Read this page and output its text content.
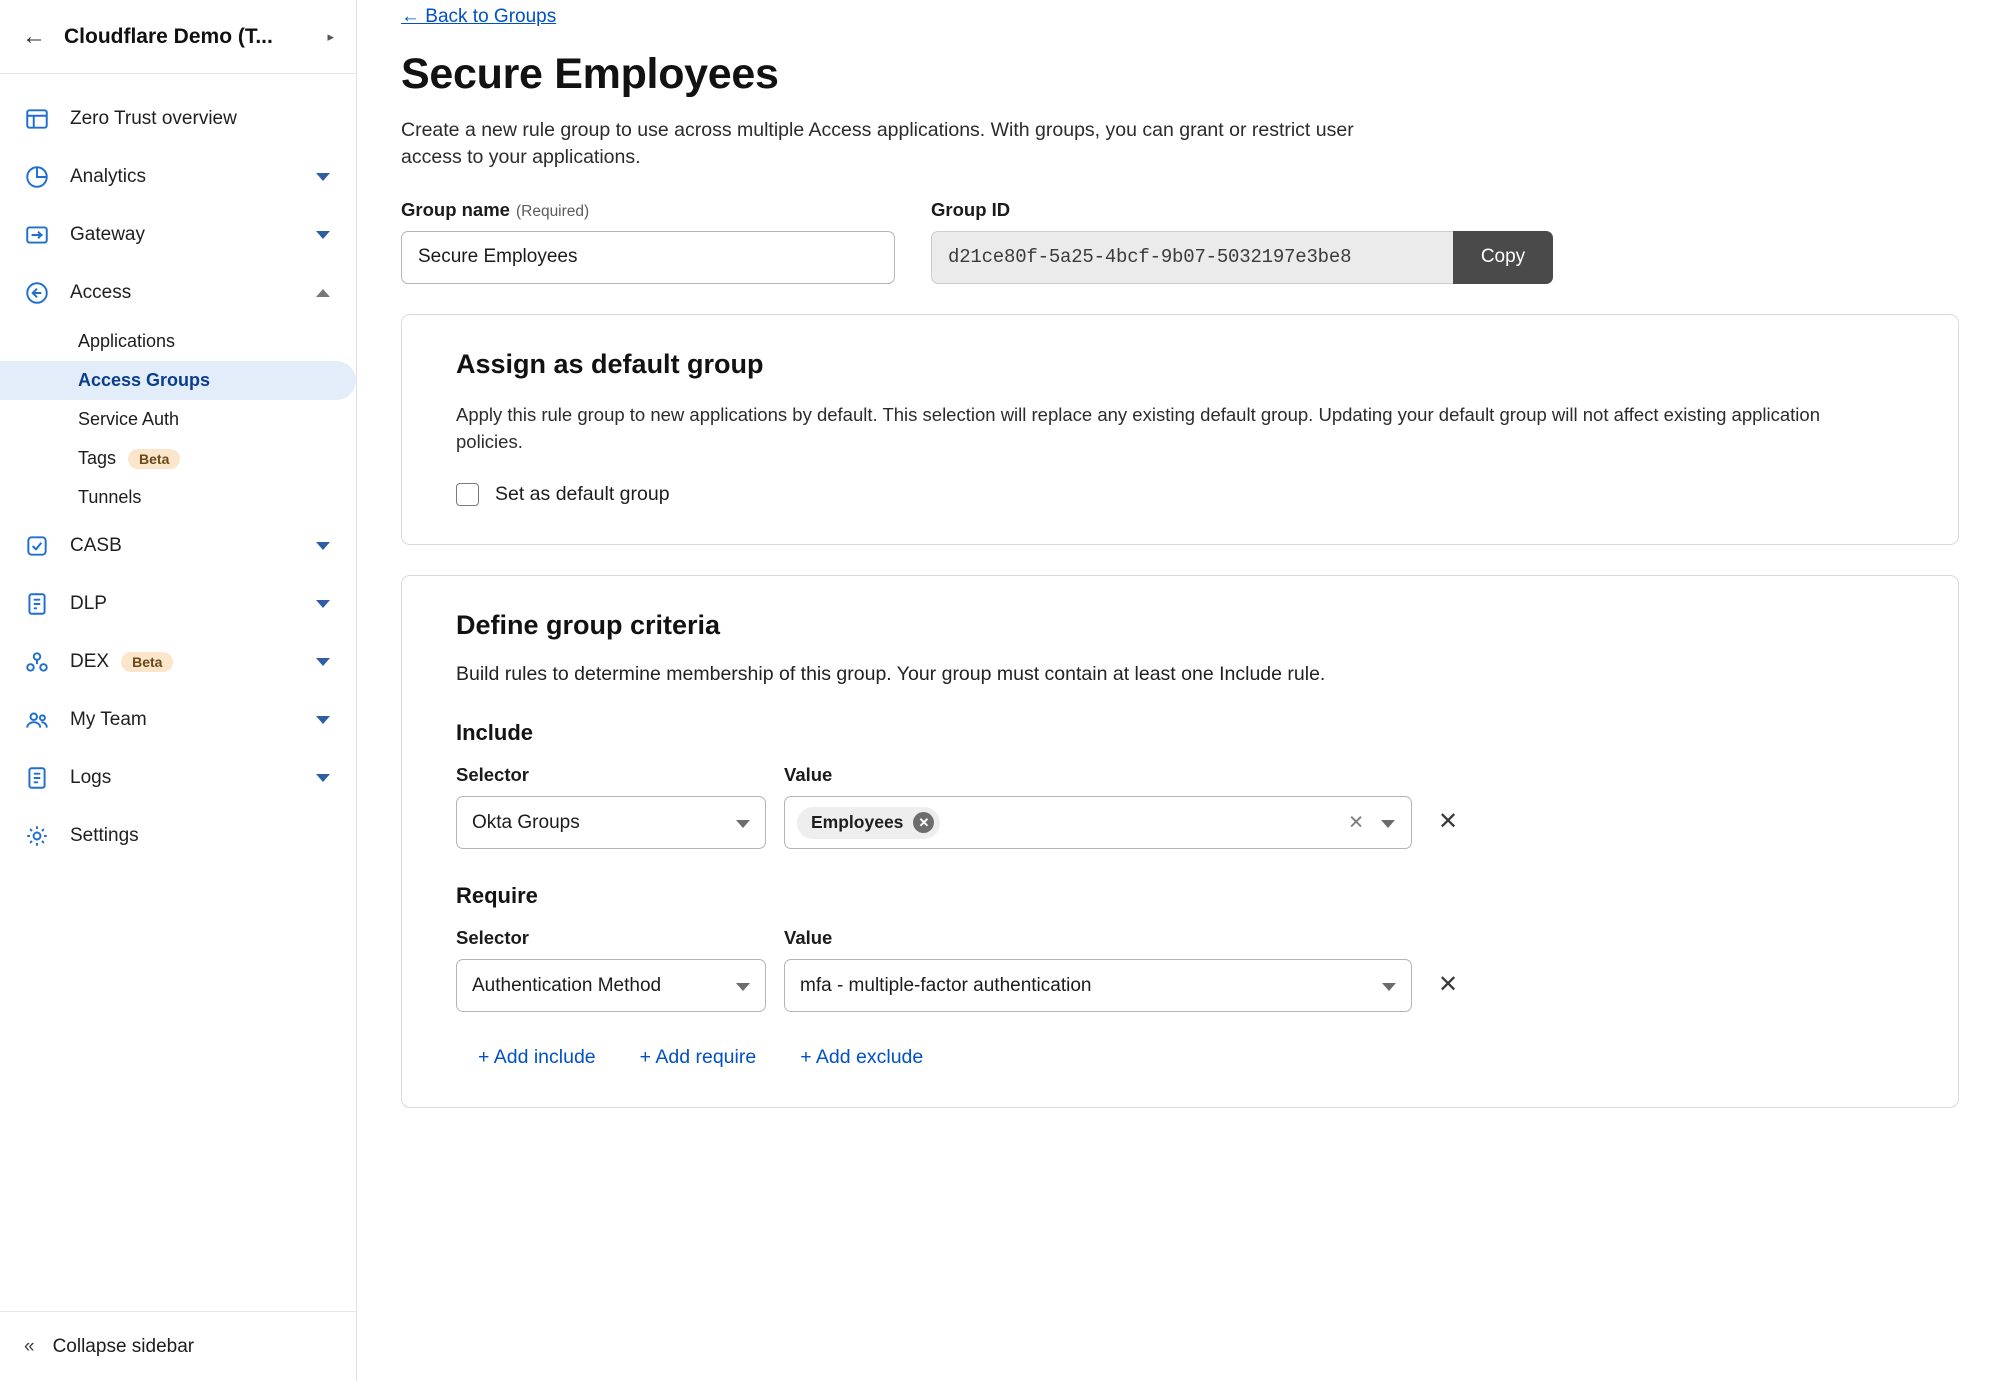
← Cloudflare Demo (T...	▸
Zero Trust overview
Analytics
Gateway
Access
Applications
Access Groups
Service Auth
Tags	Beta
Tunnels
CASB
DLP
DEX	Beta
My Team
Logs
Settings
« Collapse sidebar
← Back to Groups
Secure Employees
Create a new rule group to use across multiple Access applications. With groups, you can grant or restrict user access to your applications.
Group name (Required)
Secure Employees	Group ID
d21ce80f-5a25-4bcf-9b07-5032197e3be8	Copy
Assign as default group

Apply this rule group to new applications by default. This selection will replace any existing default group. Updating your default group will not affect existing application policies.

Set as default group
Define group criteria

Build rules to determine membership of this group. Your group must contain at least one Include rule.

Include
Selector
Okta Groups
Value
Employees	✕	✕	✕
Require
Selector
Authentication Method
Value
mfa - multiple-factor authentication	✕
+ Add include + Add require + Add exclude
